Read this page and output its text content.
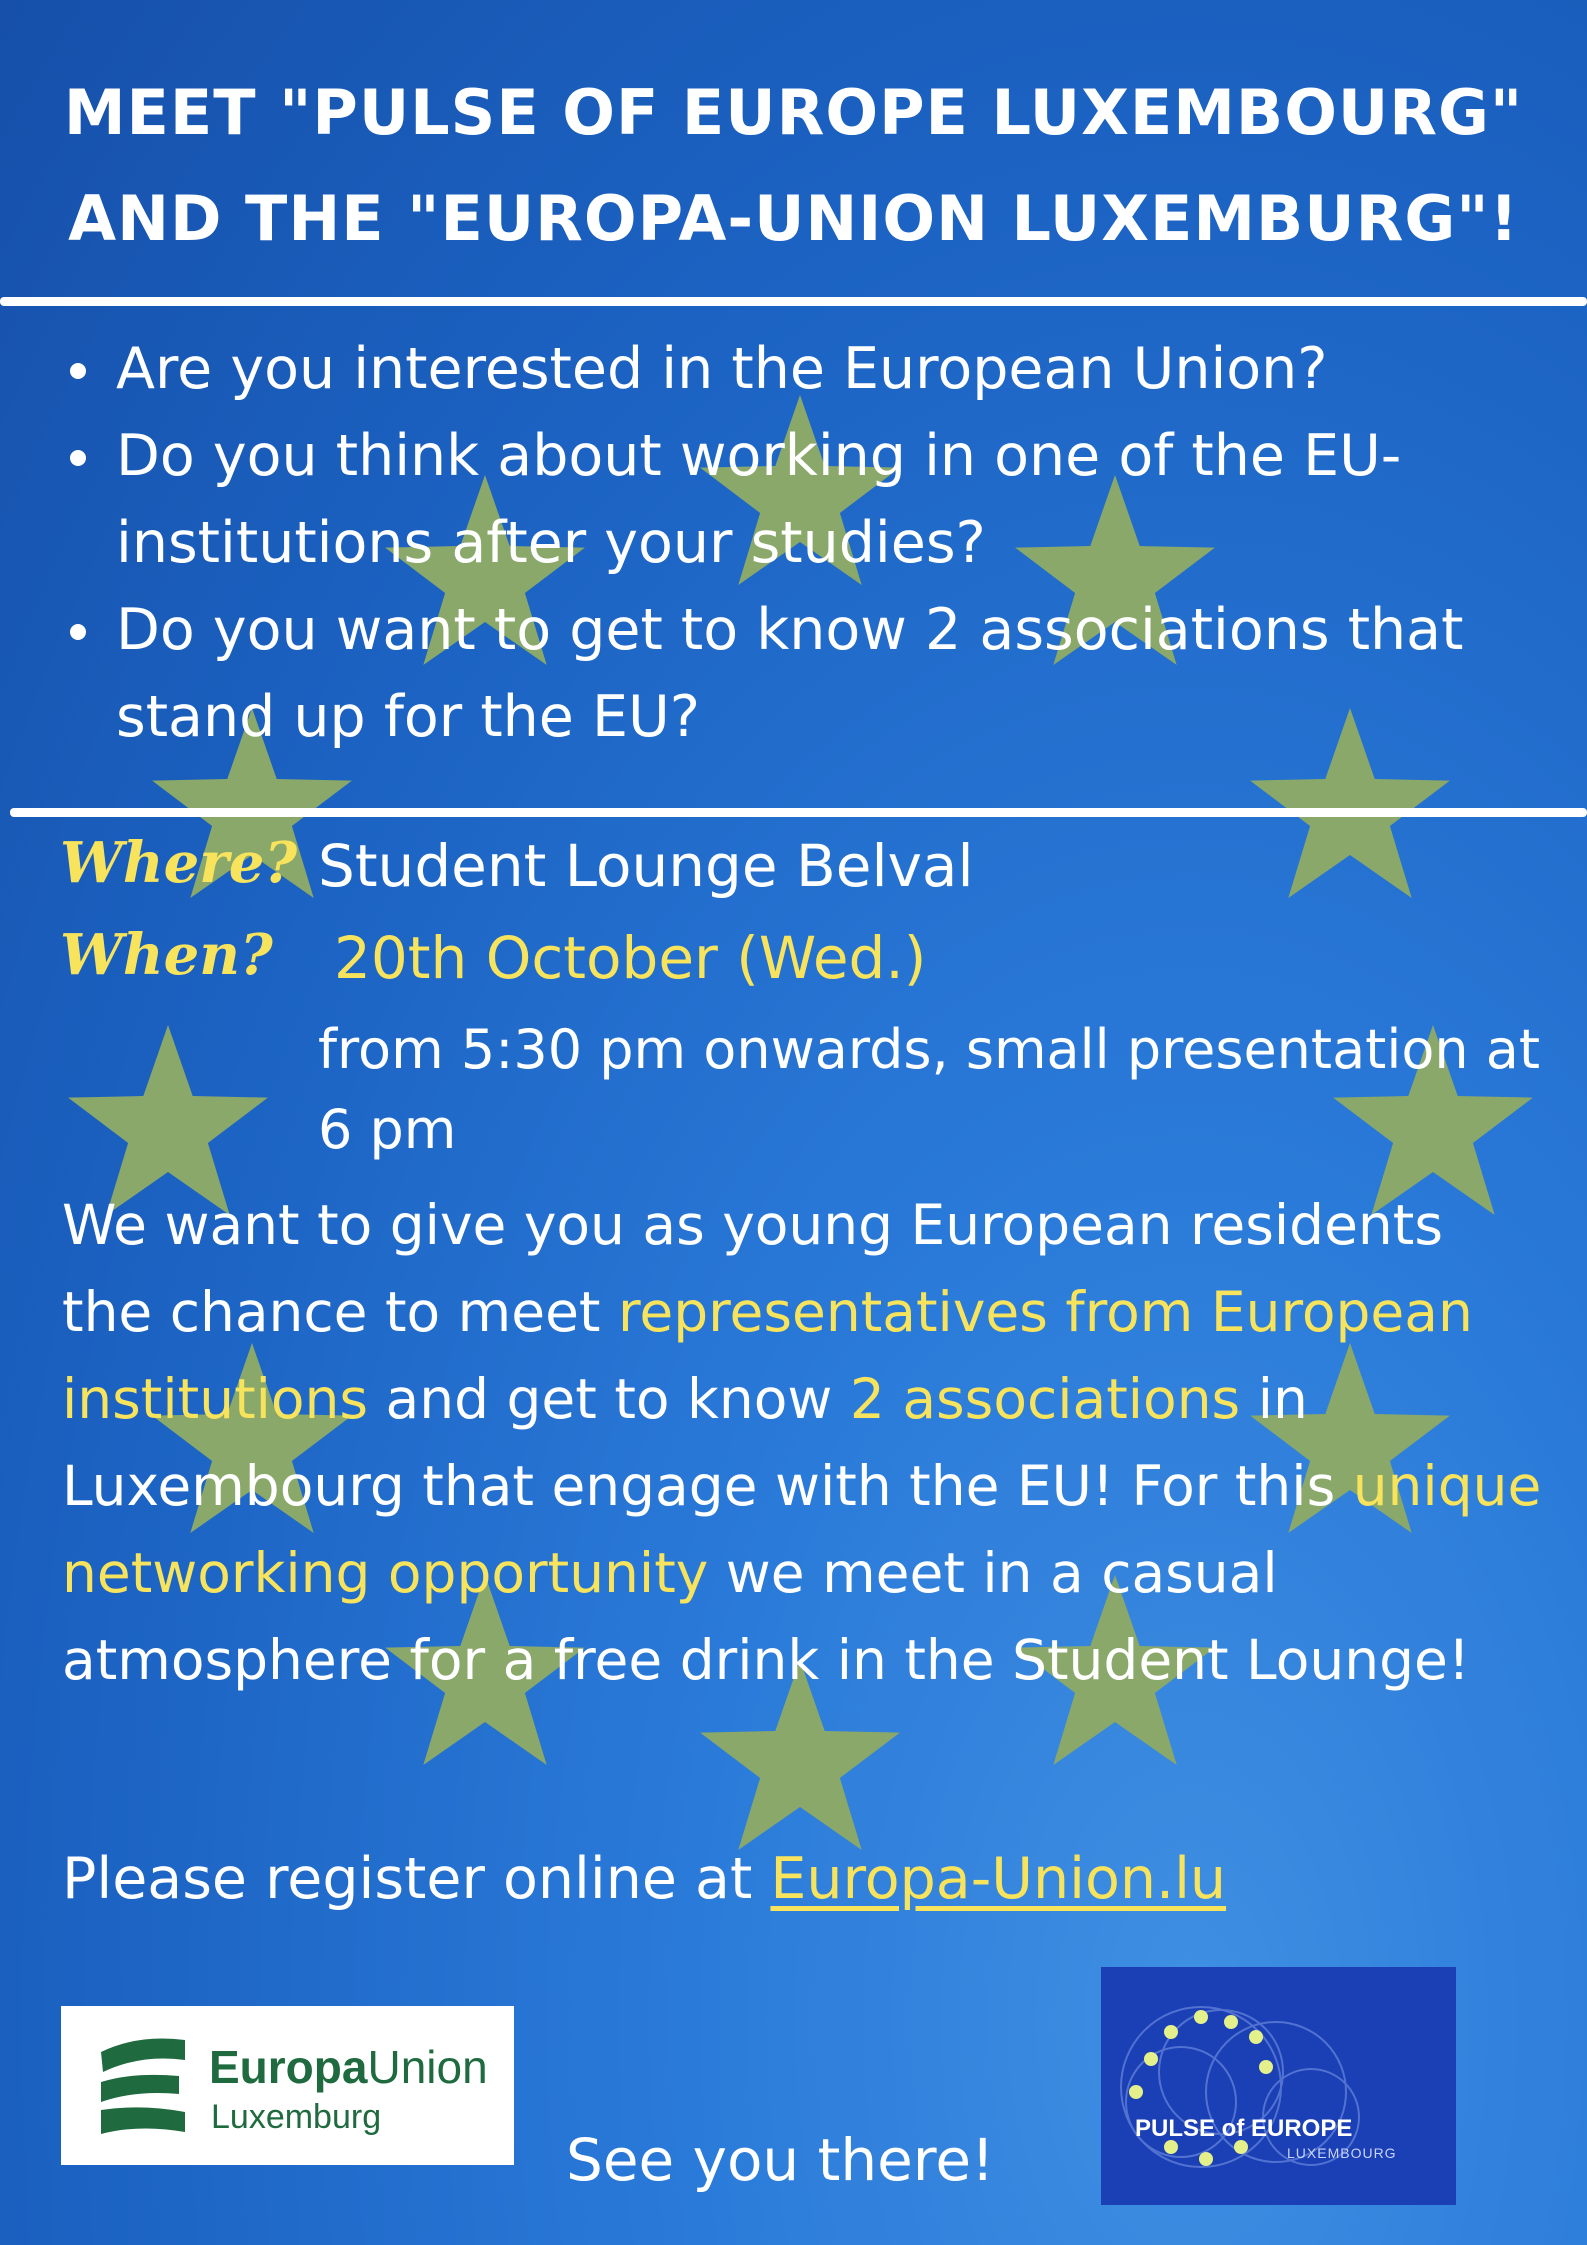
MEET "PULSE OF EUROPE LUXEMBOURG"
AND THE "EUROPA-UNION LUXEMBURG"!
Are you interested in the European Union?
Do you think about working in one of the EU-institutions after your studies?
Do you want to get to know 2 associations that stand up for the EU?
Where? Student Lounge Belval
When? 20th October (Wed.)
from 5:30 pm onwards, small presentation at 6 pm
We want to give you as young European residents the chance to meet representatives from European institutions and get to know 2 associations in Luxembourg that engage with the EU! For this unique networking opportunity we meet in a casual atmosphere for a free drink in the Student Lounge!
Please register online at Europa-Union.lu
EuropaUnion
Luxemburg
See you there!	PULSE of EUROPE
LUXEMBOURG
